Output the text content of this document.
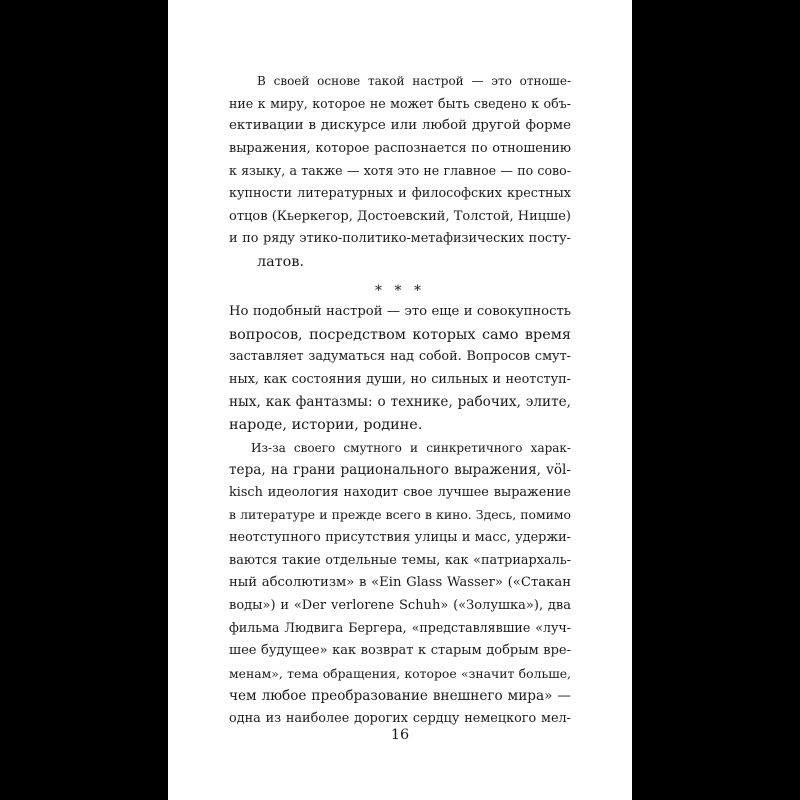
В своей основе такой настрой — это отноше-
ние к миру, которое не может быть сведено к объ-
ективации в дискурсе или любой другой форме
выражения, которое распознается по отношению
к языку, а также — хотя это не главное — по сово-
купности литературных и философских крестных
отцов (Кьеркегор, Достоевский, Толстой, Ницше)
и по ряду этико-политико-метафизических посту-
латов.
* * *
Но подобный настрой — это еще и совокупность
вопросов, посредством которых само время
заставляет задуматься над собой. Вопросов смут-
ных, как состояния души, но сильных и неотступ-
ных, как фантазмы: о технике, рабочих, элите,
народе, истории, родине.
Из-за своего смутного и синкретичного харак-
тера, на грани рационального выражения, völ-
kisch идеология находит свое лучшее выражение
в литературе и прежде всего в кино. Здесь, помимо
неотступного присутствия улицы и масс, удержи-
ваются такие отдельные темы, как «патриархаль-
ный абсолютизм» в «Ein Glass Wasser» («Стакан
воды») и «Der verlorene Schuh» («Золушка»), два
фильма Людвига Бергера, «представлявшие «луч-
шее будущее» как возврат к старым добрым вре-
менам», тема обращения, которое «значит больше,
чем любое преобразование внешнего мира» —
одна из наиболее дорогих сердцу немецкого мел-
16
